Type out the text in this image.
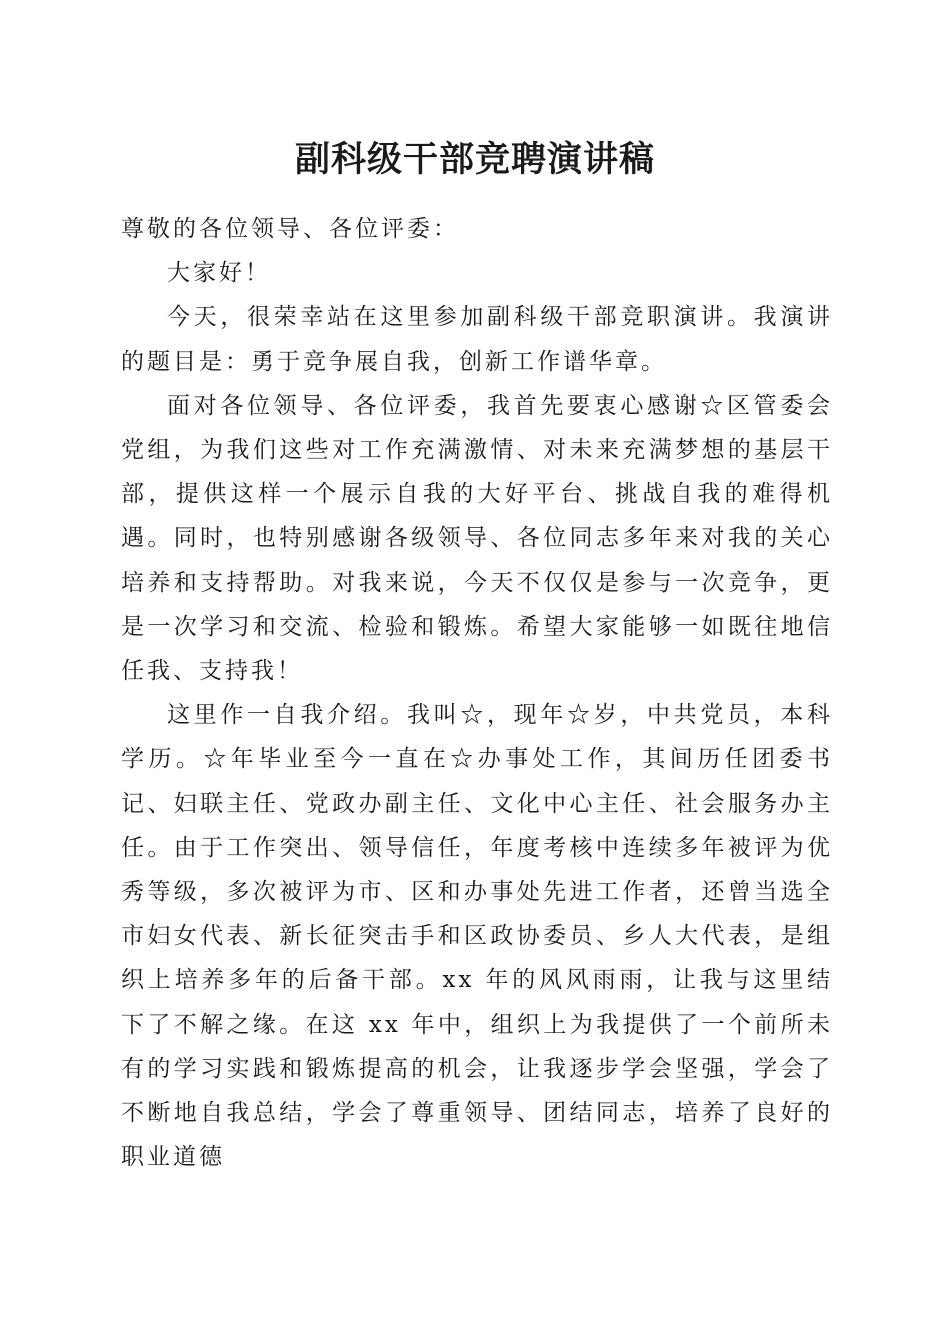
副科级干部竞聘演讲稿

尊敬的各位领导、各位评委：

大家好！

今天，很荣幸站在这里参加副科级干部竞职演讲。我演讲的题目是：勇于竞争展自我，创新工作谱华章。

面对各位领导、各位评委，我首先要衷心感谢☆区管委会党组，为我们这些对工作充满激情、对未来充满梦想的基层干部，提供这样一个展示自我的大好平台、挑战自我的难得机遇。同时，也特别感谢各级领导、各位同志多年来对我的关心培养和支持帮助。对我来说，今天不仅仅是参与一次竞争，更是一次学习和交流、检验和锻炼。希望大家能够一如既往地信任我、支持我！

这里作一自我介绍。我叫☆，现年☆岁，中共党员，本科学历。☆年毕业至今一直在☆办事处工作，其间历任团委书记、妇联主任、党政办副主任、文化中心主任、社会服务办主任。由于工作突出、领导信任，年度考核中连续多年被评为优秀等级，多次被评为市、区和办事处先进工作者，还曾当选全市妇女代表、新长征突击手和区政协委员、乡人大代表，是组织上培养多年的后备干部。xx 年的风风雨雨，让我与这里结下了不解之缘。在这 xx 年中，组织上为我提供了一个前所未有的学习实践和锻炼提高的机会，让我逐步学会坚强，学会了不断地自我总结，学会了尊重领导、团结同志，培养了良好的职业道德
